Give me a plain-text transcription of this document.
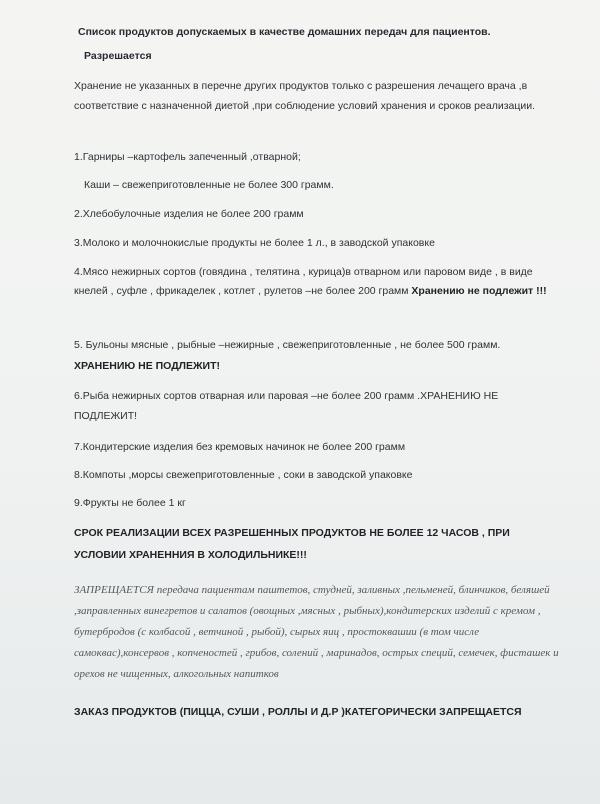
Список продуктов допускаемых в качестве домашних передач для пациентов.

Разрешается

Хранение не указанных в перечне других продуктов только с разрешения лечащего врача ,в соответствие с назначенной диетой ,при соблюдение условий хранения и сроков реализации.

1.Гарниры –картофель запеченный ,отварной;

Каши – свежеприготовленные не более 300 грамм.

2.Хлебобулочные изделия не более 200 грамм

3.Молоко и молочнокислые продукты не более 1 л., в заводской упаковке

4.Мясо нежирных сортов (говядина , телятина , курица)в отварном или паровом виде , в виде кнелей , суфле , фрикаделек , котлет , рулетов –не более 200 грамм Хранению не подлежит !!!

5. Бульоны мясные , рыбные –нежирные , свежеприготовленные , не более 500 грамм. ХРАНЕНИЮ НЕ ПОДЛЕЖИТ!

6.Рыба нежирных сортов отварная или паровая –не более 200 грамм .ХРАНЕНИЮ НЕ ПОДЛЕЖИТ!

7.Кондитерские изделия без кремовых начинок не более 200 грамм

8.Компоты ,морсы свежеприготовленные , соки в заводской упаковке

9.Фрукты не более 1 кг

СРОК РЕАЛИЗАЦИИ ВСЕХ РАЗРЕШЕННЫХ ПРОДУКТОВ НЕ БОЛЕЕ 12 ЧАСОВ , ПРИ УСЛОВИИ ХРАНЕННИЯ В ХОЛОДИЛЬНИКЕ!!!

ЗАПРЕЩАЕТСЯ передача пациентам паштетов, студней, заливных ,пельменей, блинчиков, беляшей ,заправленных винегретов и салатов (овощных ,мясных , рыбных),кондитерских изделий с кремом , бутербродов (с колбасой , ветчиной , рыбой), сырых яиц , простоквашии (в том числе самоквас),консервов , копченостей , грибов, солений , маринадов, острых специй, семечек, фисташек и орехов не чищенных, алкогольных напитков

ЗАКАЗ ПРОДУКТОВ (ПИЦЦА, СУШИ , РОЛЛЫ И Д.Р )КАТЕГОРИЧЕСКИ ЗАПРЕЩАЕТСЯ
